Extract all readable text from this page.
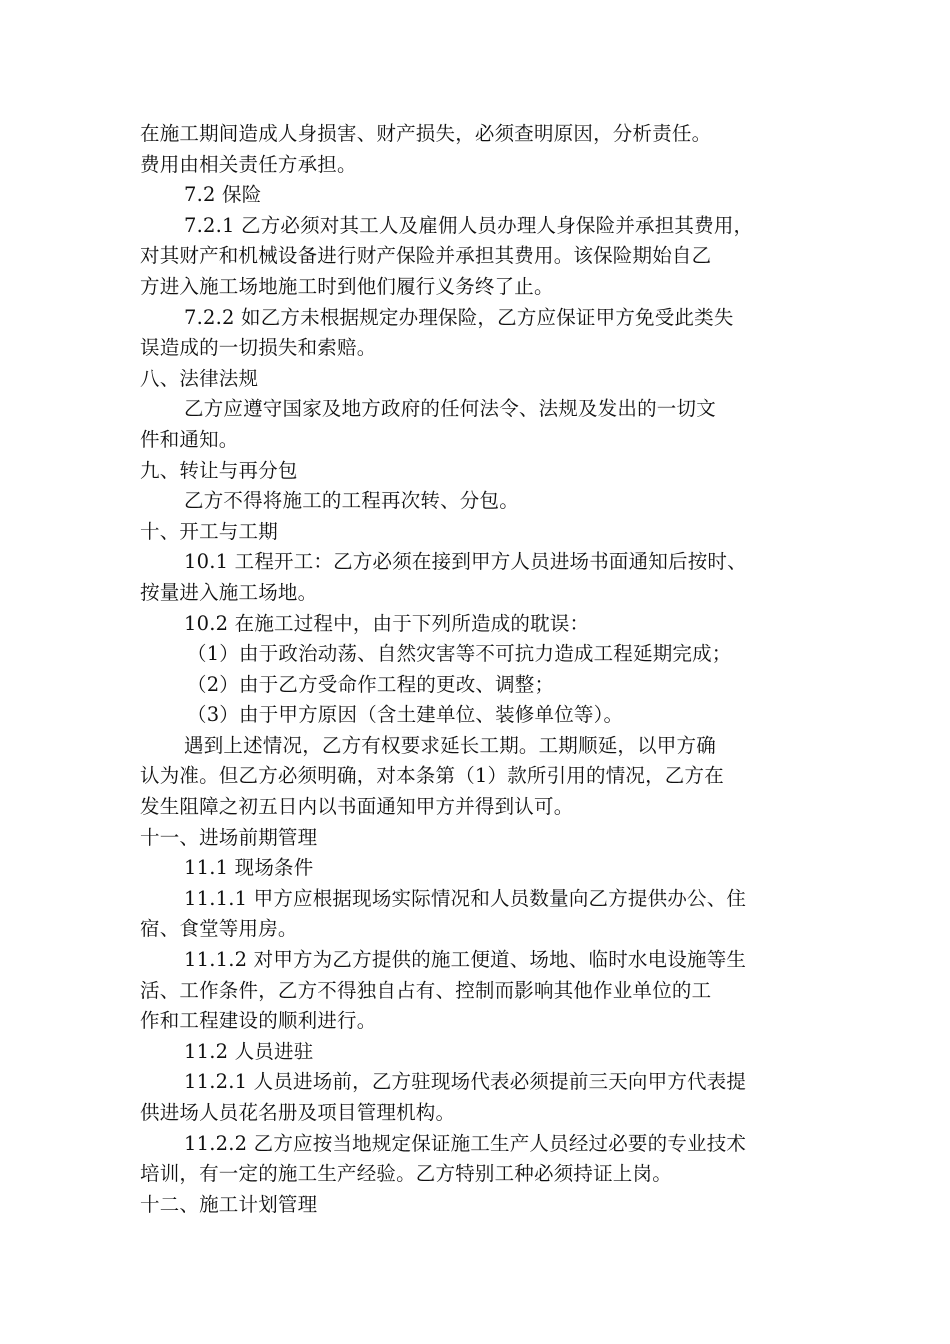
在施工期间造成人身损害、财产损失，必须查明原因，分析责任。
费用由相关责任方承担。

7.2 保险

7.2.1 乙方必须对其工人及雇佣人员办理人身保险并承担其费用，
对其财产和机械设备进行财产保险并承担其费用。该保险期始自乙
方进入施工场地施工时到他们履行义务终了止。

7.2.2 如乙方未根据规定办理保险，乙方应保证甲方免受此类失
误造成的一切损失和索赔。

八、法律法规

乙方应遵守国家及地方政府的任何法令、法规及发出的一切文
件和通知。

九、转让与再分包

乙方不得将施工的工程再次转、分包。

十、开工与工期

10.1 工程开工：乙方必须在接到甲方人员进场书面通知后按时、
按量进入施工场地。

10.2 在施工过程中，由于下列所造成的耽误：

（1）由于政治动荡、自然灾害等不可抗力造成工程延期完成；

（2）由于乙方受命作工程的更改、调整；

（3）由于甲方原因（含土建单位、装修单位等）。

遇到上述情况，乙方有权要求延长工期。工期顺延，以甲方确
认为准。但乙方必须明确，对本条第（1）款所引用的情况，乙方在
发生阻障之初五日内以书面通知甲方并得到认可。

十一、进场前期管理

11.1 现场条件

11.1.1 甲方应根据现场实际情况和人员数量向乙方提供办公、住
宿、食堂等用房。

11.1.2 对甲方为乙方提供的施工便道、场地、临时水电设施等生
活、工作条件，乙方不得独自占有、控制而影响其他作业单位的工
作和工程建设的顺利进行。

11.2 人员进驻

11.2.1 人员进场前，乙方驻现场代表必须提前三天向甲方代表提
供进场人员花名册及项目管理机构。

11.2.2 乙方应按当地规定保证施工生产人员经过必要的专业技术
培训，有一定的施工生产经验。乙方特别工种必须持证上岗。

十二、施工计划管理
